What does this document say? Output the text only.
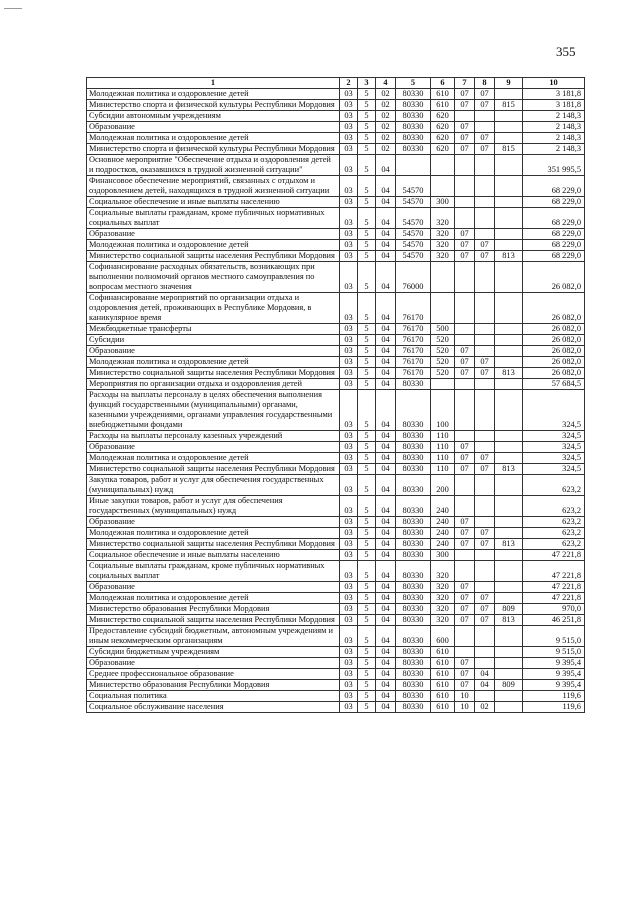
355
1	2	3	4	5	6	7	8	9	10
Молодежная политика и оздоровление детей	03	5	02	80330	610	07	07		3 181,8
Министерство спорта и физической культуры Республики Мордовия	03	5	02	80330	610	07	07	815	3 181,8
Субсидии автономным учреждениям	03	5	02	80330	620				2 148,3
Образование	03	5	02	80330	620	07			2 148,3
Молодежная политика и оздоровление детей	03	5	02	80330	620	07	07		2 148,3
Министерство спорта и физической культуры Республики Мордовия	03	5	02	80330	620	07	07	815	2 148,3
Основное мероприятие "Обеспечение отдыха и оздоровления детей и подростков, оказавшихся в трудной жизненной ситуации"	03	5	04						351 995,5
Финансовое обеспечение мероприятий, связанных с отдыхом и оздоровлением детей, находящихся в трудной жизненной ситуации	03	5	04	54570					68 229,0
Социальное обеспечение и иные выплаты населению	03	5	04	54570	300				68 229,0
Социальные выплаты гражданам, кроме публичных нормативных социальных выплат	03	5	04	54570	320				68 229,0
Образование	03	5	04	54570	320	07			68 229,0
Молодежная политика и оздоровление детей	03	5	04	54570	320	07	07		68 229,0
Министерство социальной защиты населения Республики Мордовия	03	5	04	54570	320	07	07	813	68 229,0
Софинансирование расходных обязательств, возникающих при выполнении полномочий органов местного самоуправления по вопросам местного значения	03	5	04	76000					26 082,0
Софинансирование мероприятий по организации отдыха и оздоровления детей, проживающих в Республике Мордовия, в каникулярное время	03	5	04	76170					26 082,0
Межбюджетные трансферты	03	5	04	76170	500				26 082,0
Субсидии	03	5	04	76170	520				26 082,0
Образование	03	5	04	76170	520	07			26 082,0
Молодежная политика и оздоровление детей	03	5	04	76170	520	07	07		26 082,0
Министерство социальной защиты населения Республики Мордовия	03	5	04	76170	520	07	07	813	26 082,0
Мероприятия по организации отдыха и оздоровления детей	03	5	04	80330					57 684,5
Расходы на выплаты персоналу в целях обеспечения выполнения функций государственными (муниципальными) органами, казенными учреждениями, органами управления государственными внебюджетными фондами	03	5	04	80330	100				324,5
Расходы на выплаты персоналу казенных учреждений	03	5	04	80330	110				324,5
Образование	03	5	04	80330	110	07			324,5
Молодежная политика и оздоровление детей	03	5	04	80330	110	07	07		324,5
Министерство социальной защиты населения Республики Мордовия	03	5	04	80330	110	07	07	813	324,5
Закупка товаров, работ и услуг для обеспечения государственных (муниципальных) нужд	03	5	04	80330	200				623,2
Иные закупки товаров, работ и услуг для обеспечения государственных (муниципальных) нужд	03	5	04	80330	240				623,2
Образование	03	5	04	80330	240	07			623,2
Молодежная политика и оздоровление детей	03	5	04	80330	240	07	07		623,2
Министерство социальной защиты населения Республики Мордовия	03	5	04	80330	240	07	07	813	623,2
Социальное обеспечение и иные выплаты населению	03	5	04	80330	300				47 221,8
Социальные выплаты гражданам, кроме публичных нормативных социальных выплат	03	5	04	80330	320				47 221,8
Образование	03	5	04	80330	320	07			47 221,8
Молодежная политика и оздоровление детей	03	5	04	80330	320	07	07		47 221,8
Министерство образования Республики Мордовия	03	5	04	80330	320	07	07	809	970,0
Министерство социальной защиты населения Республики Мордовия	03	5	04	80330	320	07	07	813	46 251,8
Предоставление субсидий бюджетным, автономным учреждениям и иным некоммерческим организациям	03	5	04	80330	600				9 515,0
Субсидии бюджетным учреждениям	03	5	04	80330	610				9 515,0
Образование	03	5	04	80330	610	07			9 395,4
Среднее профессиональное образование	03	5	04	80330	610	07	04		9 395,4
Министерство образования Республики Мордовия	03	5	04	80330	610	07	04	809	9 395,4
Социальная политика	03	5	04	80330	610	10			119,6
Социальное обслуживание населения	03	5	04	80330	610	10	02		119,6
